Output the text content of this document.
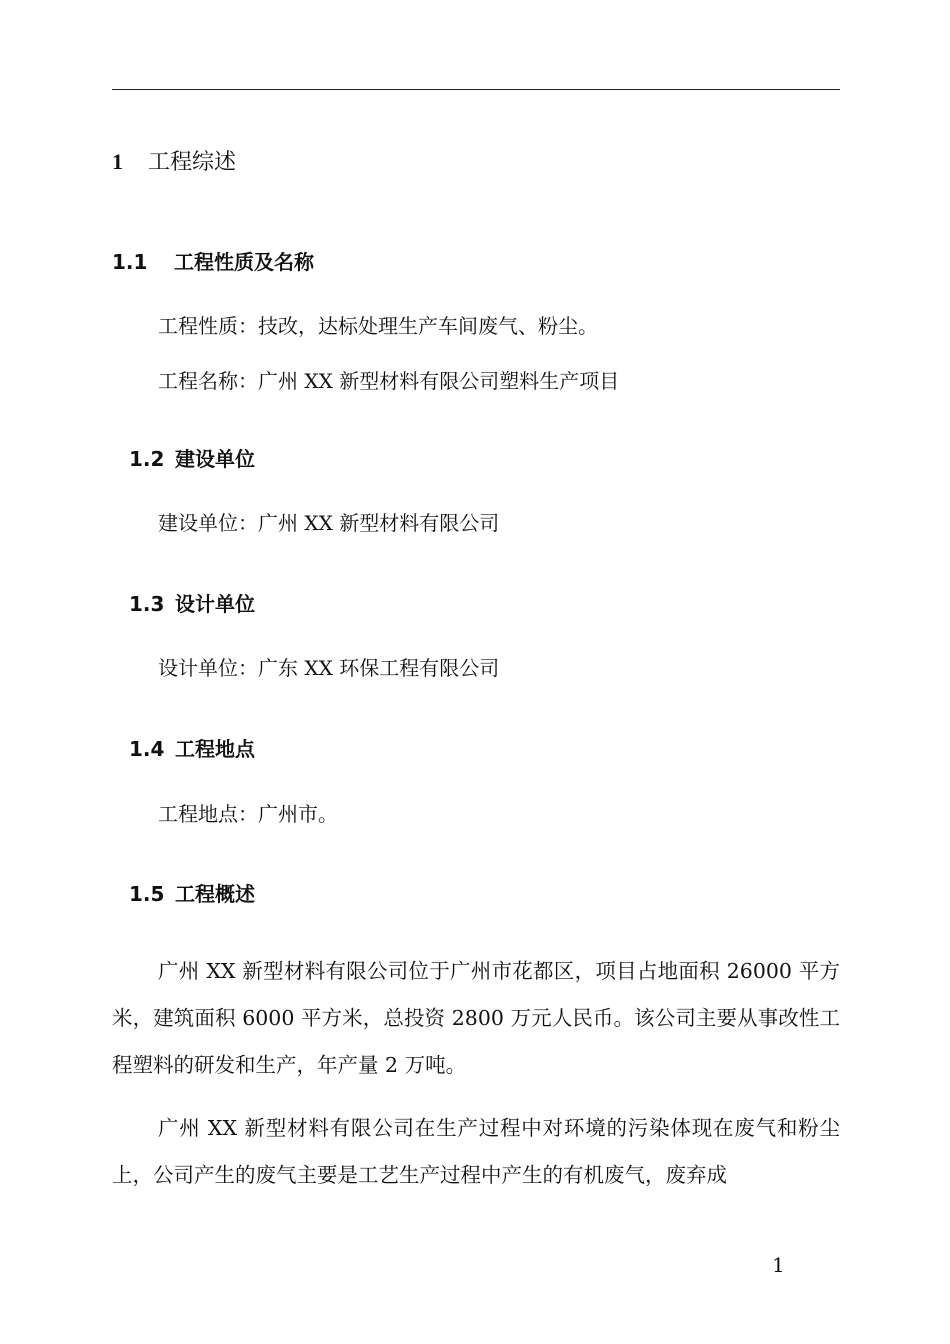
1 工程综述
1.1 工程性质及名称
工程性质：技改，达标处理生产车间废气、粉尘。
工程名称：广州 XX 新型材料有限公司塑料生产项目
1.2 建设单位
建设单位：广州 XX 新型材料有限公司
1.3 设计单位
设计单位：广东 XX 环保工程有限公司
1.4 工程地点
工程地点：广州市。
1.5 工程概述

广州 XX 新型材料有限公司位于广州市花都区，项目占地面积 26000 平方米，建筑面积 6000 平方米，总投资 2800 万元人民币。该公司主要从事改性工程塑料的研发和生产，年产量 2 万吨。

广州 XX 新型材料有限公司在生产过程中对环境的污染体现在废气和粉尘上，公司产生的废气主要是工艺生产过程中产生的有机废气，废弃成

1
